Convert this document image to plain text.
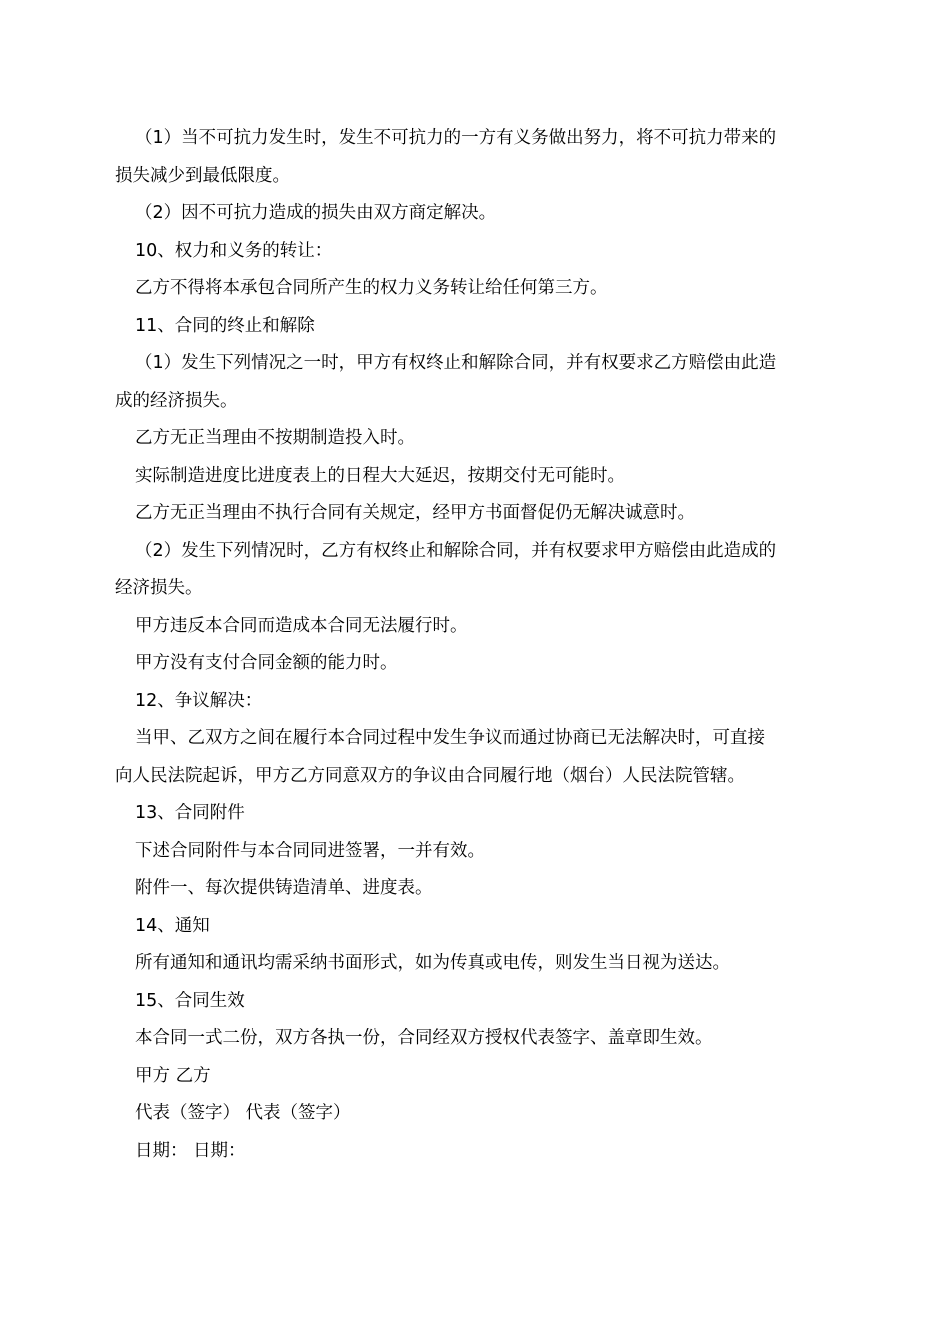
（1）当不可抗力发生时，发生不可抗力的一方有义务做出努力，将不可抗力带来的
损失减少到最低限度。
（2）因不可抗力造成的损失由双方商定解决。
10、权力和义务的转让：
乙方不得将本承包合同所产生的权力义务转让给任何第三方。
11、合同的终止和解除
（1）发生下列情况之一时，甲方有权终止和解除合同，并有权要求乙方赔偿由此造
成的经济损失。
乙方无正当理由不按期制造投入时。
实际制造进度比进度表上的日程大大延迟，按期交付无可能时。
乙方无正当理由不执行合同有关规定，经甲方书面督促仍无解决诚意时。
（2）发生下列情况时，乙方有权终止和解除合同，并有权要求甲方赔偿由此造成的
经济损失。
甲方违反本合同而造成本合同无法履行时。
甲方没有支付合同金额的能力时。
12、争议解决：
当甲、乙双方之间在履行本合同过程中发生争议而通过协商已无法解决时，可直接
向人民法院起诉，甲方乙方同意双方的争议由合同履行地（烟台）人民法院管辖。
13、合同附件
下述合同附件与本合同同进签署，一并有效。
附件一、每次提供铸造清单、进度表。
14、通知
所有通知和通讯均需采纳书面形式，如为传真或电传，则发生当日视为送达。
15、合同生效
本合同一式二份，双方各执一份，合同经双方授权代表签字、盖章即生效。
甲方 乙方
代表（签字） 代表（签字）
日期： 日期：
